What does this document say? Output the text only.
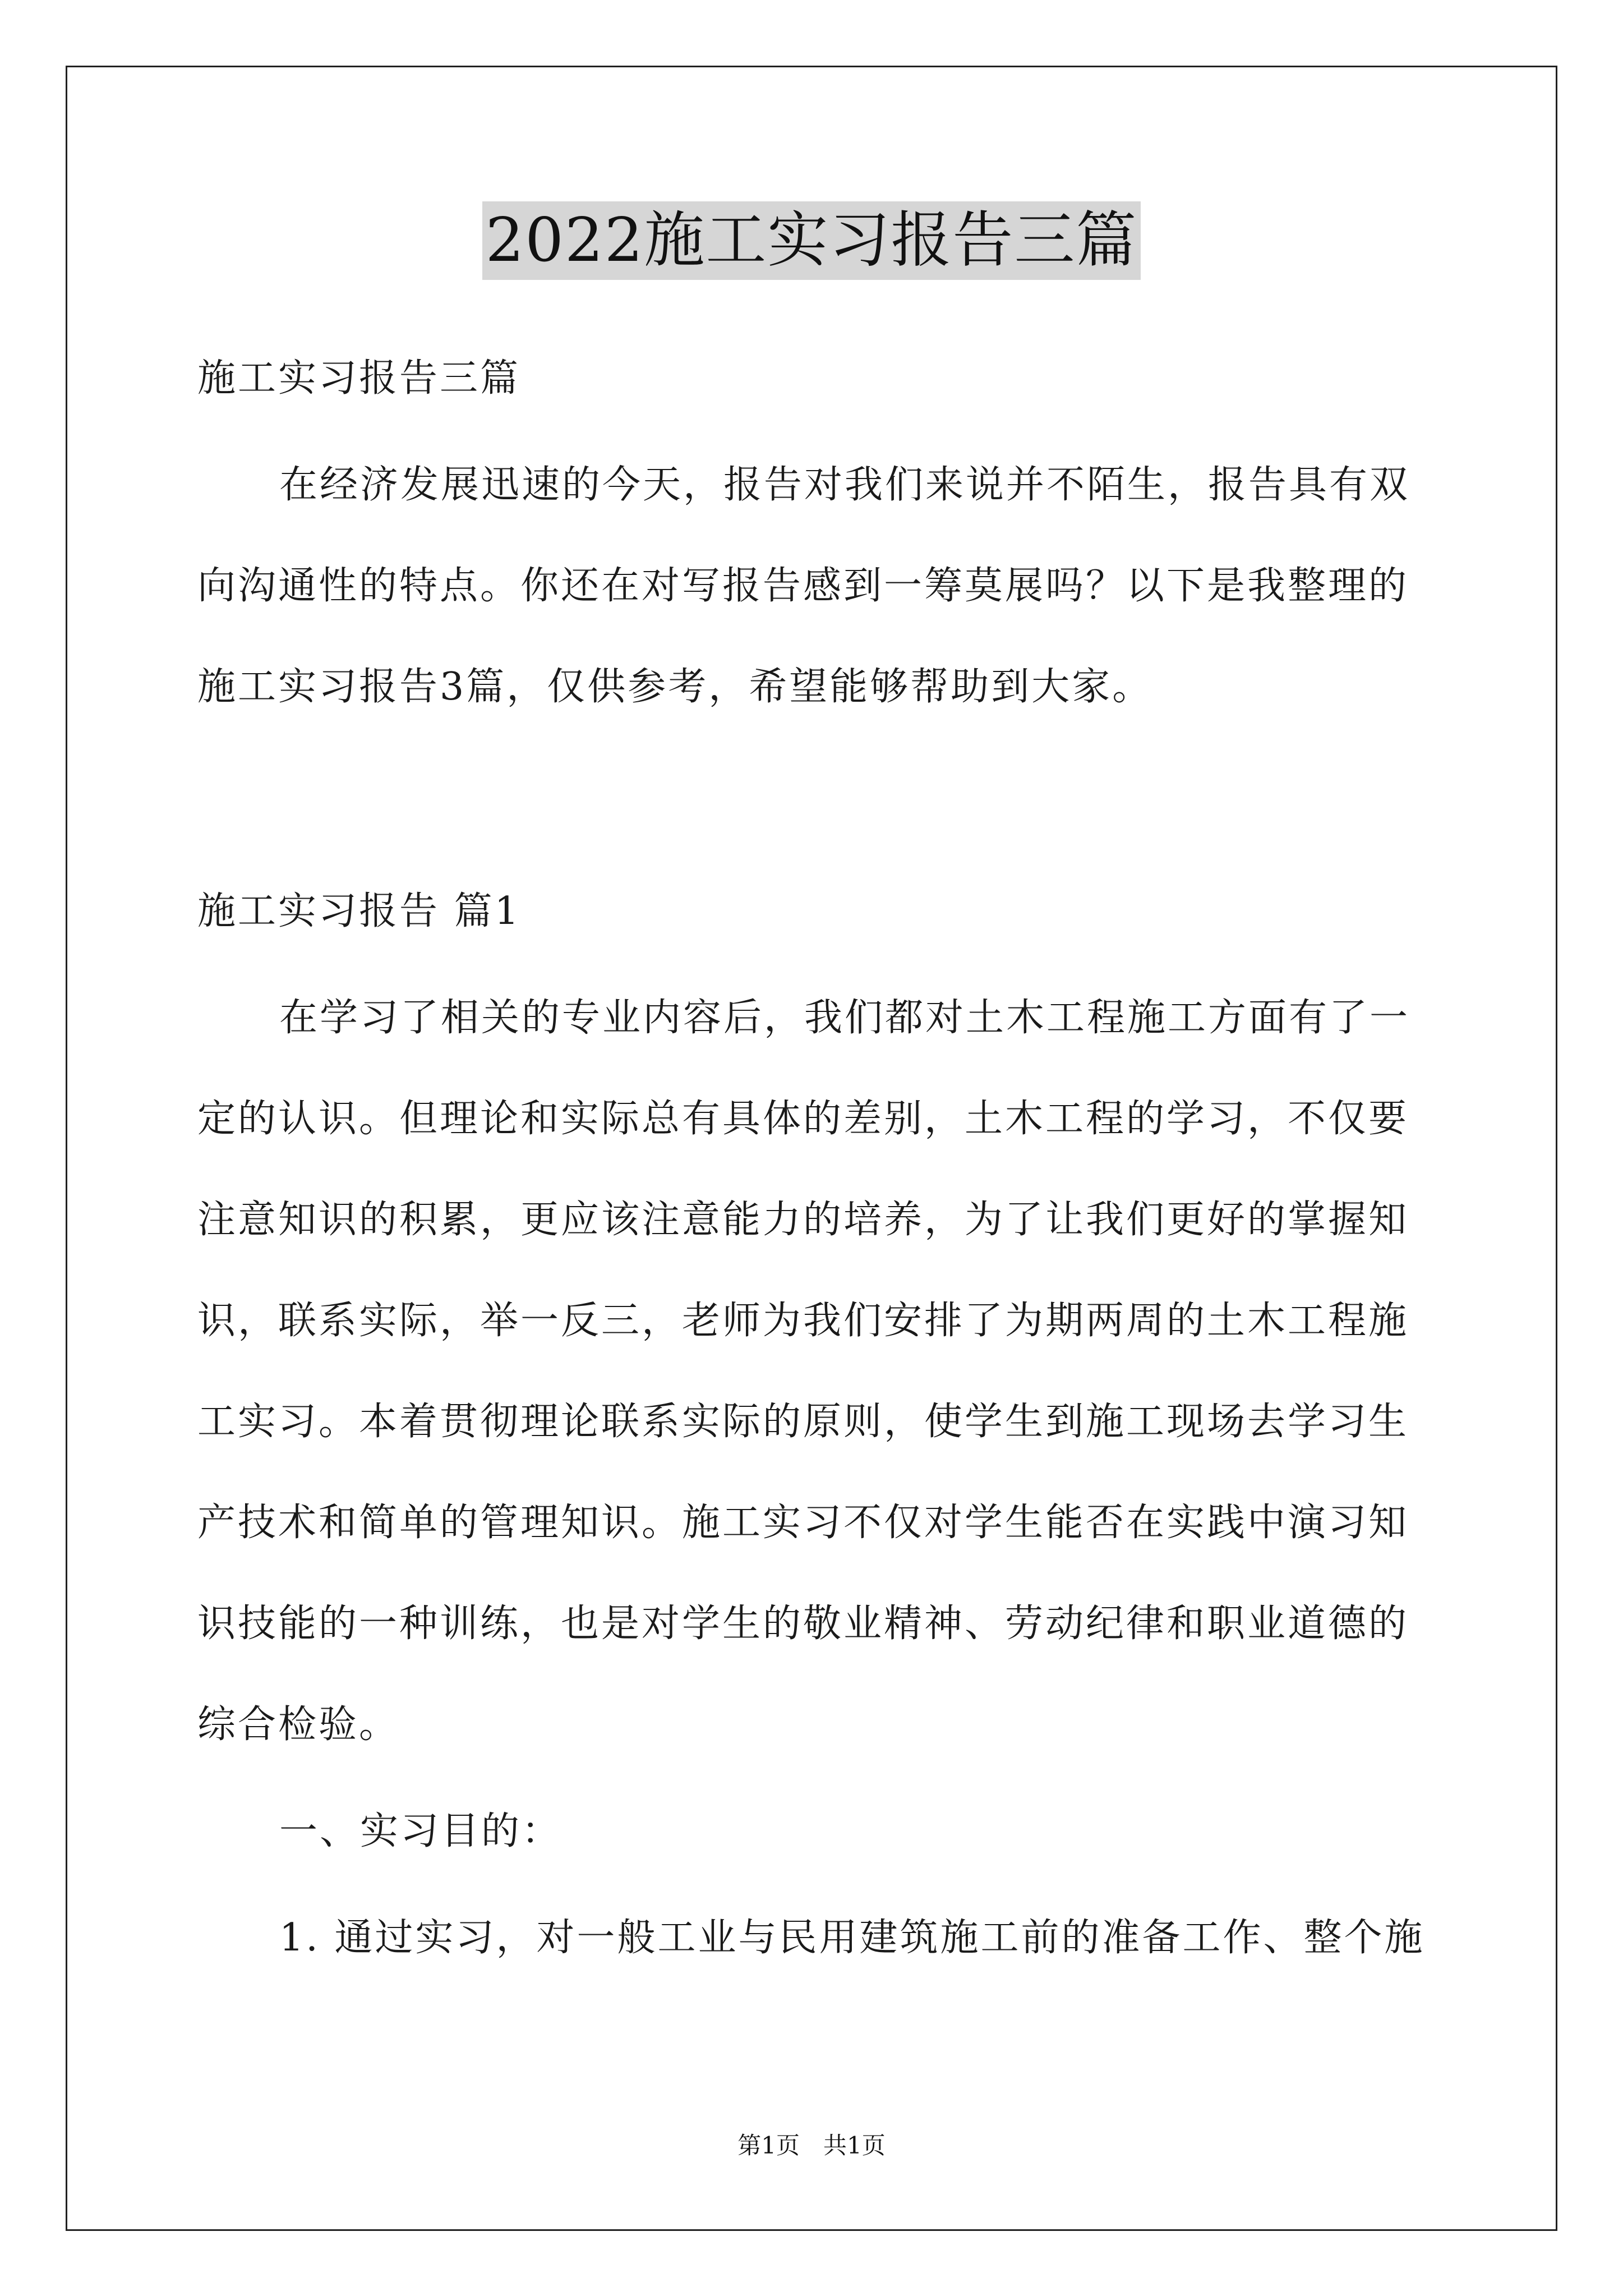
2022施工实习报告三篇
施工实习报告三篇
在经济发展迅速的今天，报告对我们来说并不陌生，报告具有双
向沟通性的特点。你还在对写报告感到一筹莫展吗？以下是我整理的
施工实习报告3篇，仅供参考，希望能够帮助到大家。
施工实习报告 篇1
在学习了相关的专业内容后，我们都对土木工程施工方面有了一
定的认识。但理论和实际总有具体的差别，土木工程的学习，不仅要
注意知识的积累，更应该注意能力的培养，为了让我们更好的掌握知
识，联系实际，举一反三，老师为我们安排了为期两周的土木工程施
工实习。本着贯彻理论联系实际的原则，使学生到施工现场去学习生
产技术和简单的管理知识。施工实习不仅对学生能否在实践中演习知
识技能的一种训练，也是对学生的敬业精神、劳动纪律和职业道德的
综合检验。
一、实习目的：
1. 通过实习，对一般工业与民用建筑施工前的准备工作、整个施
第1页　共1页
